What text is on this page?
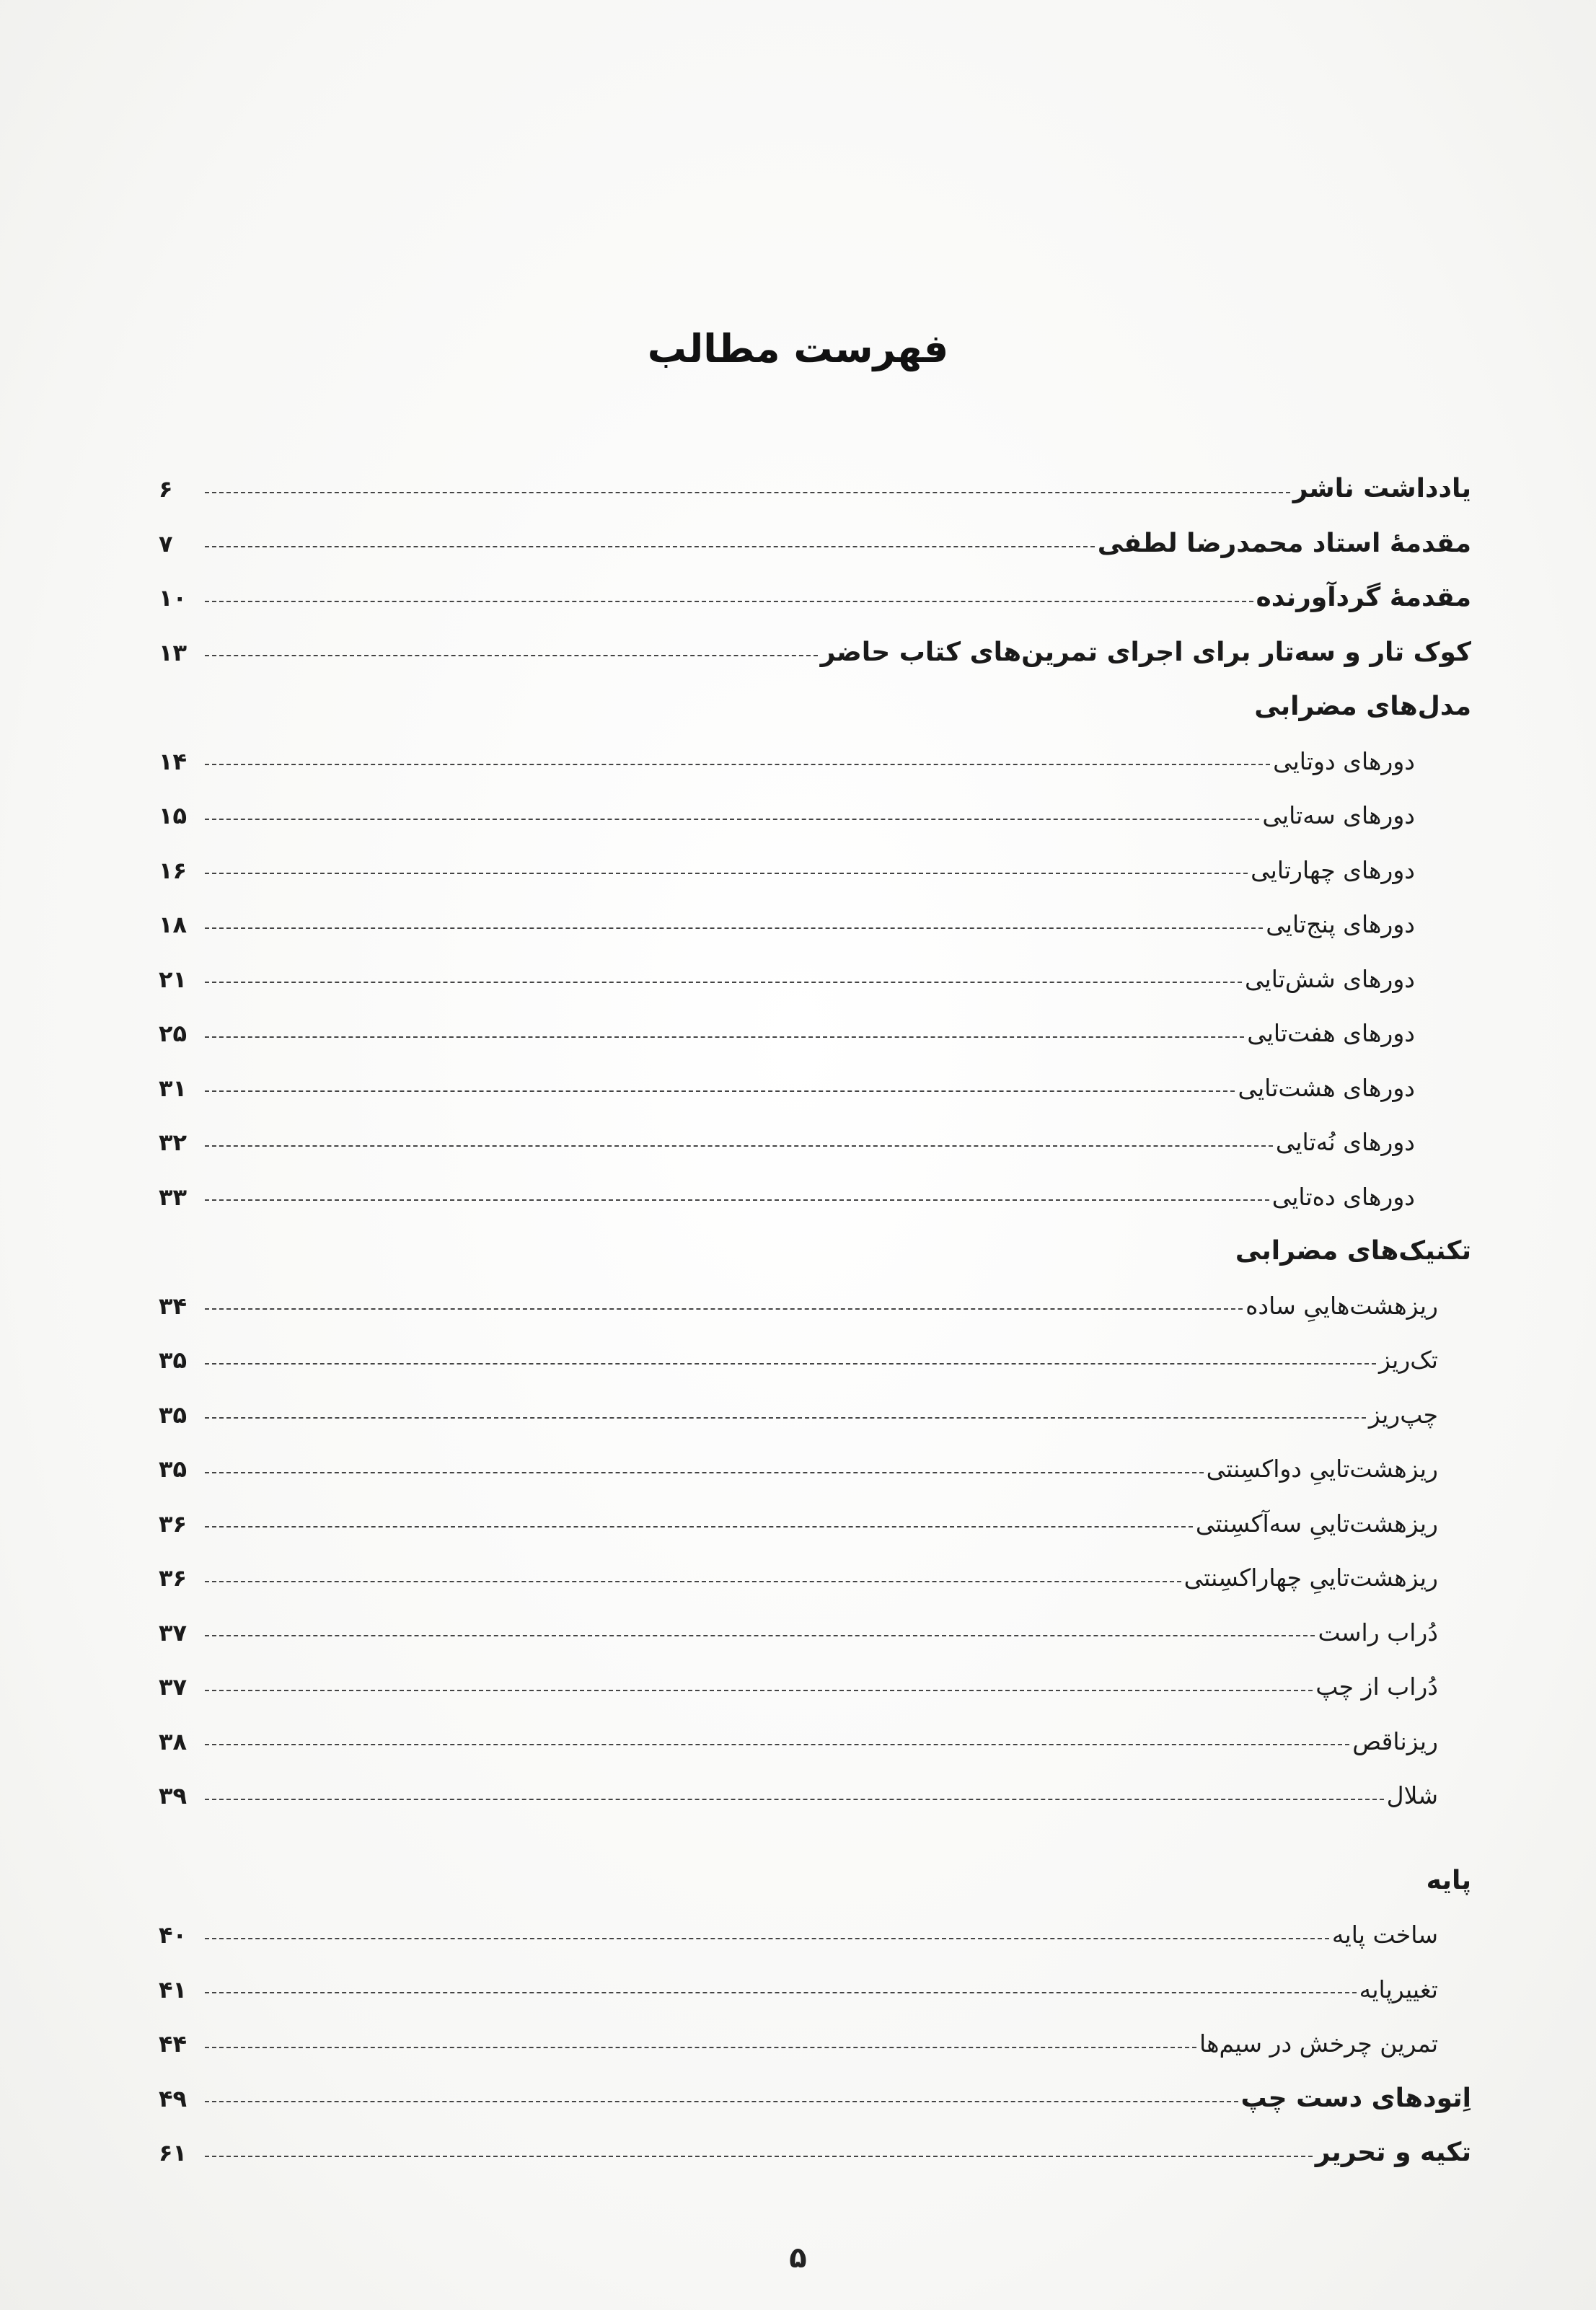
فهرست مطالب
یادداشت ناشر
۶
مقدمهٔ استاد محمدرضا لطفی
۷
مقدمهٔ گردآورنده
۱۰
کوک تار و سه‌تار برای اجرای تمرین‌های کتاب حاضر
۱۳
مدل‌های مضرابی
دورهای دوتایی
۱۴
دورهای سه‌تایی
۱۵
دورهای چهارتایی
۱۶
دورهای پنج‌تایی
۱۸
دورهای شش‌تایی
۲۱
دورهای هفت‌تایی
۲۵
دورهای هشت‌تایی
۳۱
دورهای نُه‌تایی
۳۲
دورهای ده‌تایی
۳۳
تکنیک‌های مضرابی
ریزهشت‌هاییِ ساده
۳۴
تک‌ریز
۳۵
چپ‌ریز
۳۵
ریزهشت‌تاییِ دواکسِنتی
۳۵
ریزهشت‌تاییِ سه‌آکسِنتی
۳۶
ریزهشت‌تاییِ چهاراکسِنتی
۳۶
دُراب راست
۳۷
دُراب از چپ
۳۷
ریزناقص
۳۸
شلال
۳۹
پایه
ساخت پایه
۴۰
تغییرپایه
۴۱
تمرین چرخش در سیم‌ها
۴۴
اِتودهای دست چپ
۴۹
تکیه و تحریر
۶۱
۵
